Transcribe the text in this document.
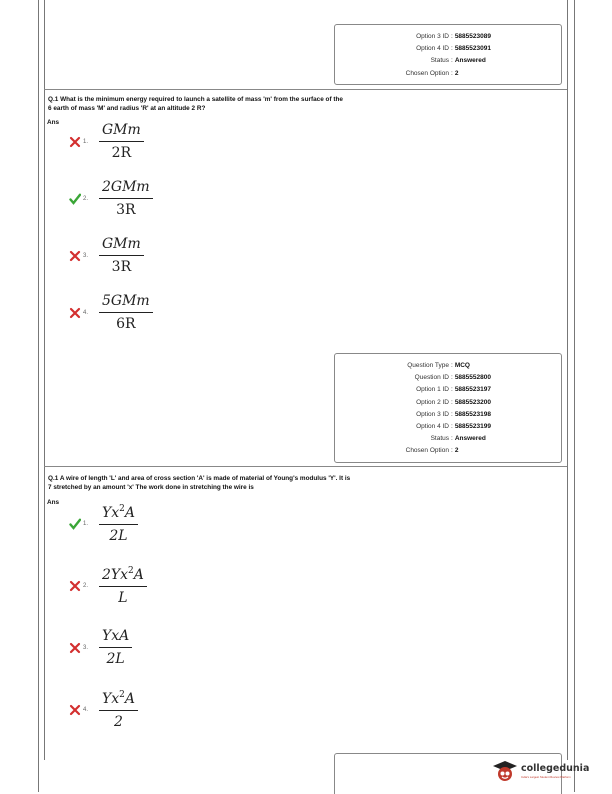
Option 3 ID : 5885523089
Option 4 ID : 5885523091
Status : Answered
Chosen Option : 2
Q.1 What is the minimum energy required to launch a satellite of mass 'm' from the surface of the
6 earth of mass 'M' and radius 'R' at an altitude 2 R?
Ans
1. $\frac{\text{GMm}}{2R}$
2. $\frac{\text{2GMm}}{3R}$
3. $\frac{\text{GMm}}{3R}$
4. $\frac{\text{5GMm}}{6R}$
Question Type : MCQ
Question ID : 5885552800
Option 1 ID : 5885523197
Option 2 ID : 5885523200
Option 3 ID : 5885523198
Option 4 ID : 5885523199
Status : Answered
Chosen Option : 2
Q.1 A wire of length 'L' and area of cross section 'A' is made of material of Young's modulus 'Y'. It is
7 stretched by an amount 'x' The work done in stretching the wire is
Ans
1. $\frac{Yx^2A}{2L}$
2. $\frac{2Yx^2A}{L}$
3. $\frac{\text{YxA}}{2L}$
4. $\frac{Yx^2A}{2}$
collegedunia
India's Largest Student Review Platform
